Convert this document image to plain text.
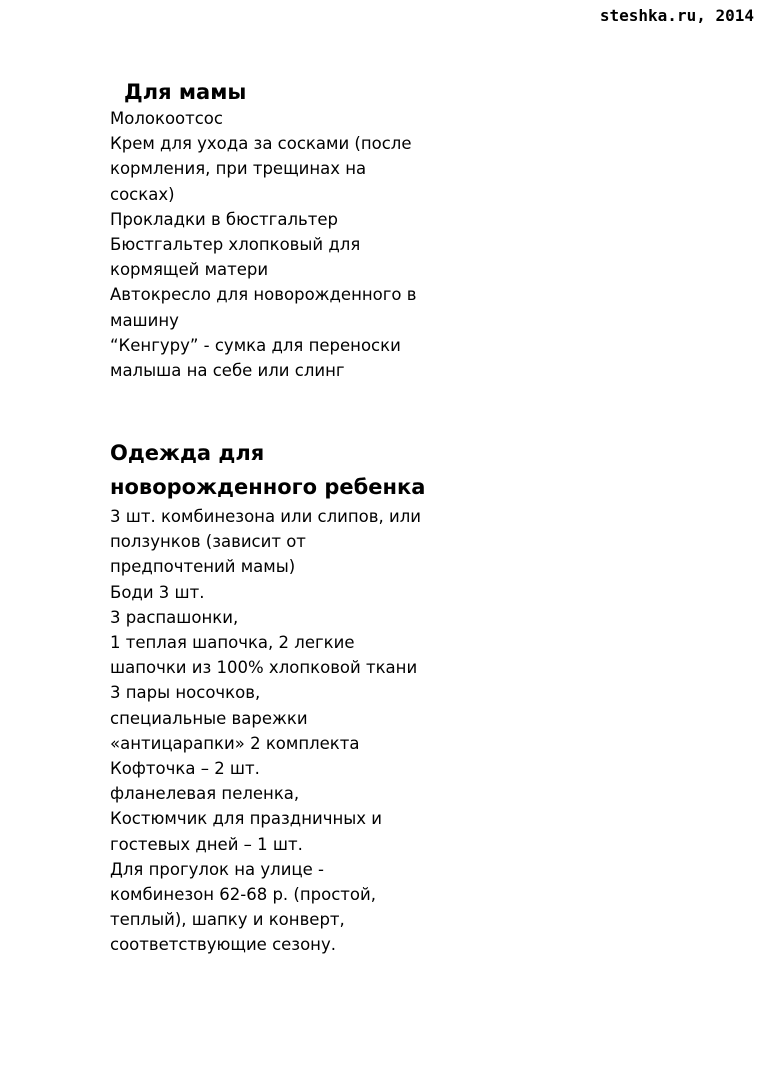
steshka.ru, 2014
Для мамы
Молокоотсос
Крем для ухода за сосками (после кормления, при трещинах на сосках)
Прокладки в бюстгальтер
Бюстгальтер хлопковый для кормящей матери
Автокресло для новорожденного в машину
“Кенгуру” - сумка для переноски малыша на себе или слинг
Одежда для новорожденного ребенка
3 шт. комбинезона или слипов, или ползунков (зависит от предпочтений мамы)
Боди 3 шт.
3 распашонки,
1 теплая шапочка, 2 легкие шапочки из 100% хлопковой ткани
3 пары носочков,
специальные варежки «антицарапки» 2 комплекта
Кофточка – 2 шт.
фланелевая пеленка,
Костюмчик для праздничных и гостевых дней – 1 шт.
Для прогулок на улице - комбинезон 62-68 р. (простой, теплый), шапку и конверт, соответствующие сезону.
